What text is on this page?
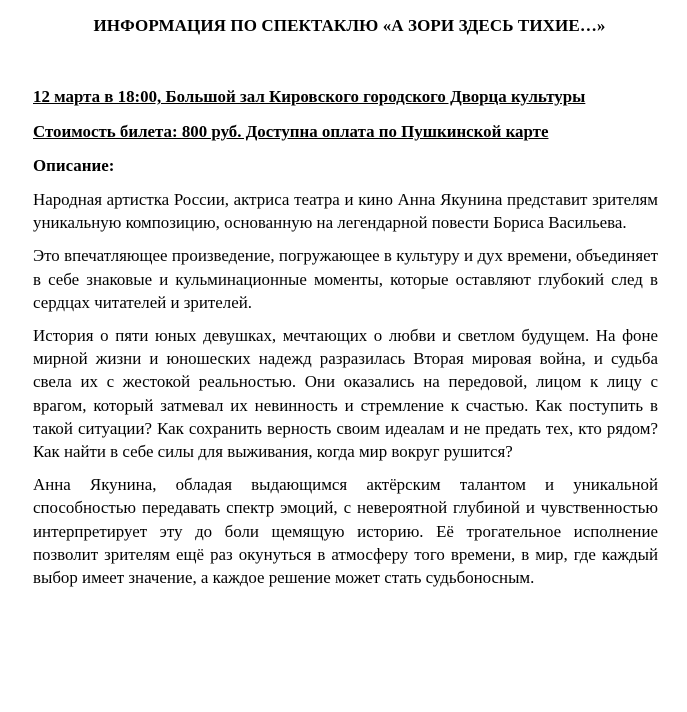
ИНФОРМАЦИЯ ПО СПЕКТАКЛЮ «А ЗОРИ ЗДЕСЬ ТИХИЕ…»

12 марта в 18:00, Большой зал Кировского городского Дворца культуры

Стоимость билета: 800 руб. Доступна оплата по Пушкинской карте

Описание:

Народная артистка России, актриса театра и кино Анна Якунина представит зрителям уникальную композицию, основанную на легендарной повести Бориса Васильева.

Это впечатляющее произведение, погружающее в культуру и дух времени, объединяет в себе знаковые и кульминационные моменты, которые оставляют глубокий след в сердцах читателей и зрителей.

История о пяти юных девушках, мечтающих о любви и светлом будущем. На фоне мирной жизни и юношеских надежд разразилась Вторая мировая война, и судьба свела их с жестокой реальностью. Они оказались на передовой, лицом к лицу с врагом, который затмевал их невинность и стремление к счастью. Как поступить в такой ситуации? Как сохранить верность своим идеалам и не предать тех, кто рядом? Как найти в себе силы для выживания, когда мир вокруг рушится?

Анна Якунина, обладая выдающимся актёрским талантом и уникальной способностью передавать спектр эмоций, с невероятной глубиной и чувственностью интерпретирует эту до боли щемящую историю. Её трогательное исполнение позволит зрителям ещё раз окунуться в атмосферу того времени, в мир, где каждый выбор имеет значение, а каждое решение может стать судьбоносным.
